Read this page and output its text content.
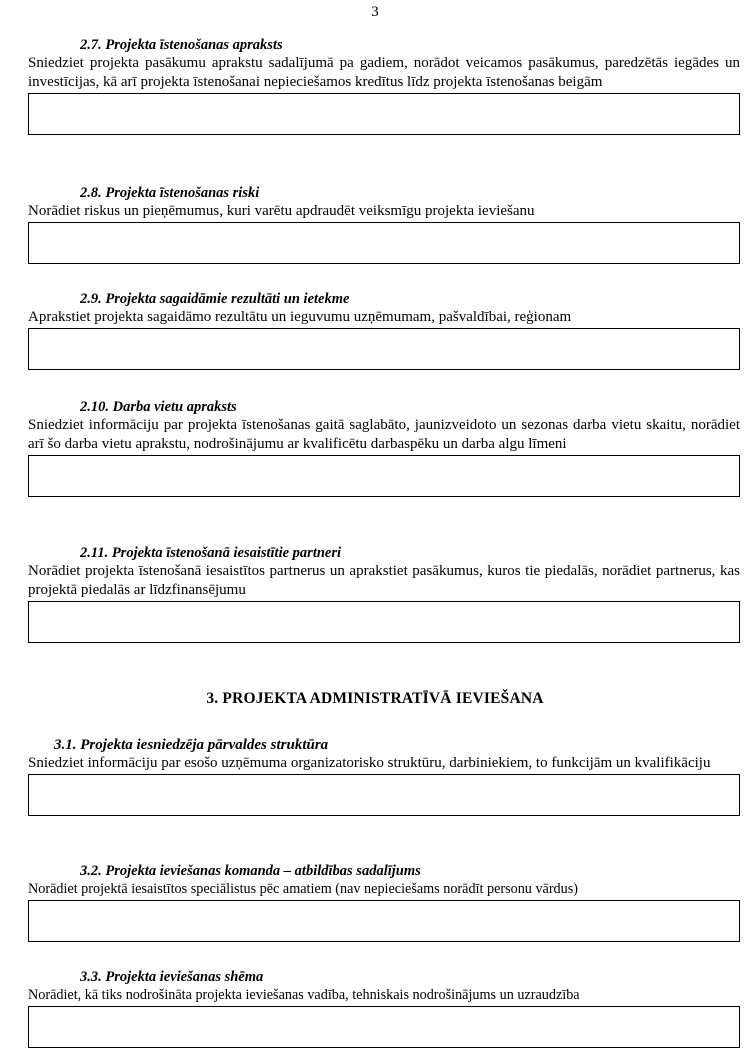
3
2.7. Projekta īstenošanas apraksts
Sniedziet projekta pasākumu aprakstu sadalījumā pa gadiem, norādot veicamos pasākumus, paredzētās iegādes un investīcijas, kā arī projekta īstenošanai nepieciešamos kredītus līdz projekta īstenošanas beigām
2.8. Projekta īstenošanas riski
Norādiet riskus un pieņēmumus, kuri varētu apdraudēt veiksmīgu projekta ieviešanu
2.9. Projekta sagaidāmie rezultāti un ietekme
Aprakstiet projekta sagaidāmo rezultātu un ieguvumu uzņēmumam, pašvaldībai, reģionam
2.10. Darba vietu apraksts
Sniedziet informāciju par projekta īstenošanas gaitā saglabāto, jaunizveidoto un sezonas darba vietu skaitu, norādiet arī šo darba vietu aprakstu, nodrošinājumu ar kvalificētu darbaspēku un darba algu līmeni
2.11. Projekta īstenošanā iesaistītie partneri
Norādiet projekta īstenošanā iesaistītos partnerus un aprakstiet pasākumus, kuros tie piedalās, norādiet partnerus, kas projektā piedalās ar līdzfinansējumu
3. PROJEKTA ADMINISTRATĪVĀ IEVIEŠANA
3.1. Projekta iesniedzēja pārvaldes struktūra
Sniedziet informāciju par esošo uzņēmuma organizatorisko struktūru, darbiniekiem, to funkcijām un kvalifikāciju
3.2. Projekta ieviešanas komanda – atbildības sadalījums
Norādiet projektā iesaistītos speciālistus pēc amatiem (nav nepieciešams norādīt personu vārdus)
3.3. Projekta ieviešanas shēma
Norādiet, kā tiks nodrošināta projekta ieviešanas vadība, tehniskais nodrošinājums un uzraudzība
